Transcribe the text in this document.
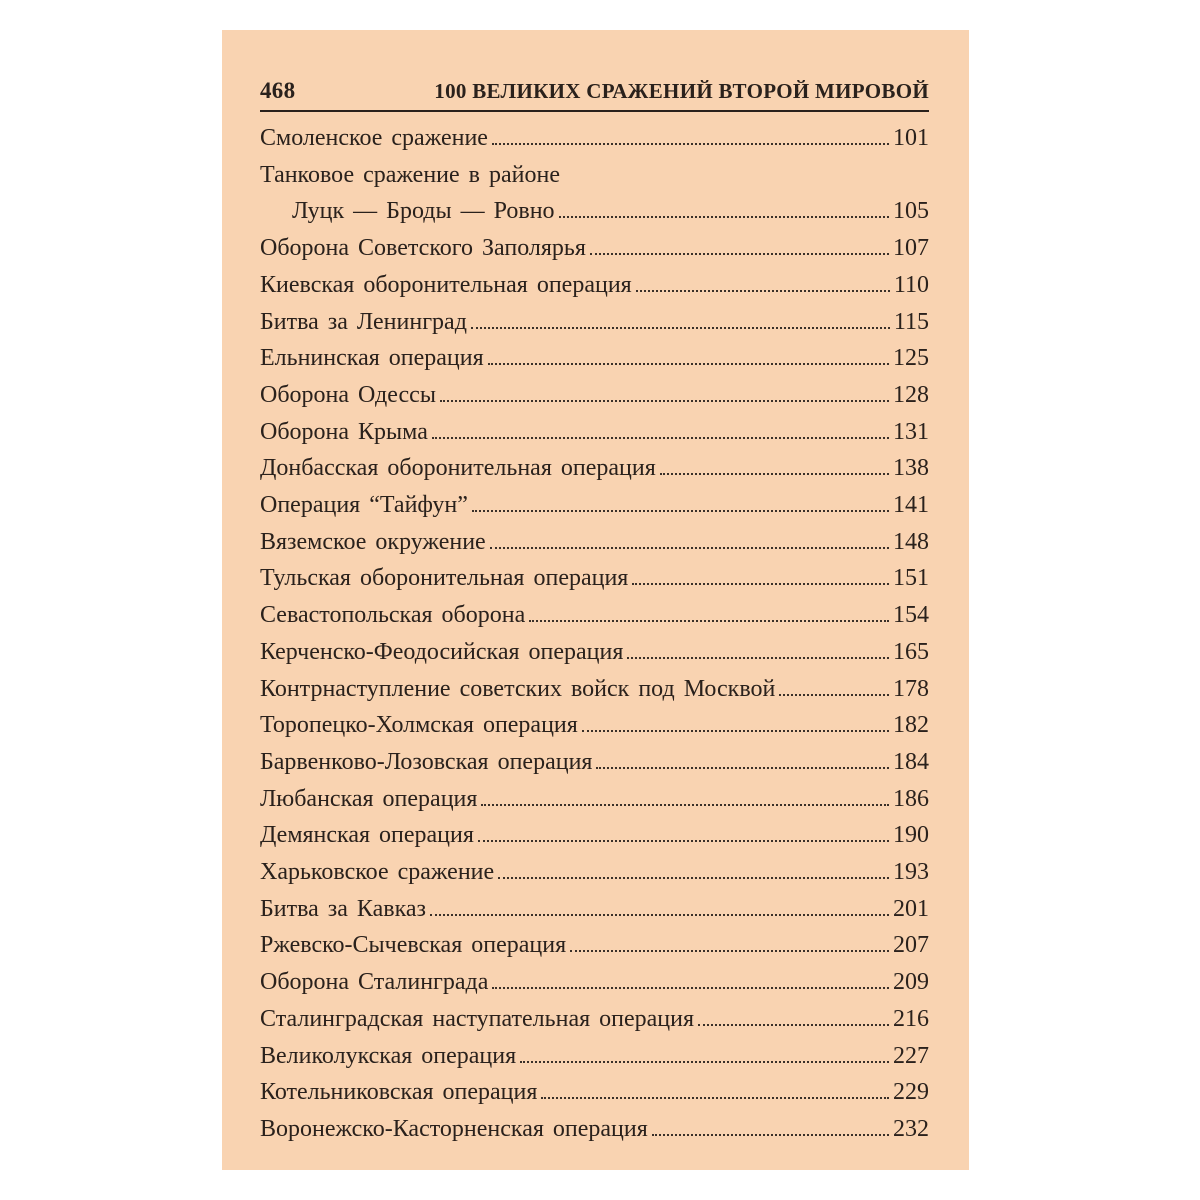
468	100 ВЕЛИКИХ СРАЖЕНИЙ ВТОРОЙ МИРОВОЙ
Смоленское сражение	101
Танковое сражение в районе
Луцк — Броды — Ровно	105
Оборона Советского Заполярья	107
Киевская оборонительная операция	110
Битва за Ленинград	115
Ельнинская операция	125
Оборона Одессы	128
Оборона Крыма	131
Донбасская оборонительная операция	138
Операция “Тайфун”	141
Вяземское окружение	148
Тульская оборонительная операция	151
Севастопольская оборона	154
Керченско-Феодосийская операция	165
Контрнаступление советских войск под Москвой	178
Торопецко-Холмская операция	182
Барвенково-Лозовская операция	184
Любанская операция	186
Демянская операция	190
Харьковское сражение	193
Битва за Кавказ	201
Ржевско-Сычевская операция	207
Оборона Сталинграда	209
Сталинградская наступательная операция	216
Великолукская операция	227
Котельниковская операция	229
Воронежско-Касторненская операция	232
